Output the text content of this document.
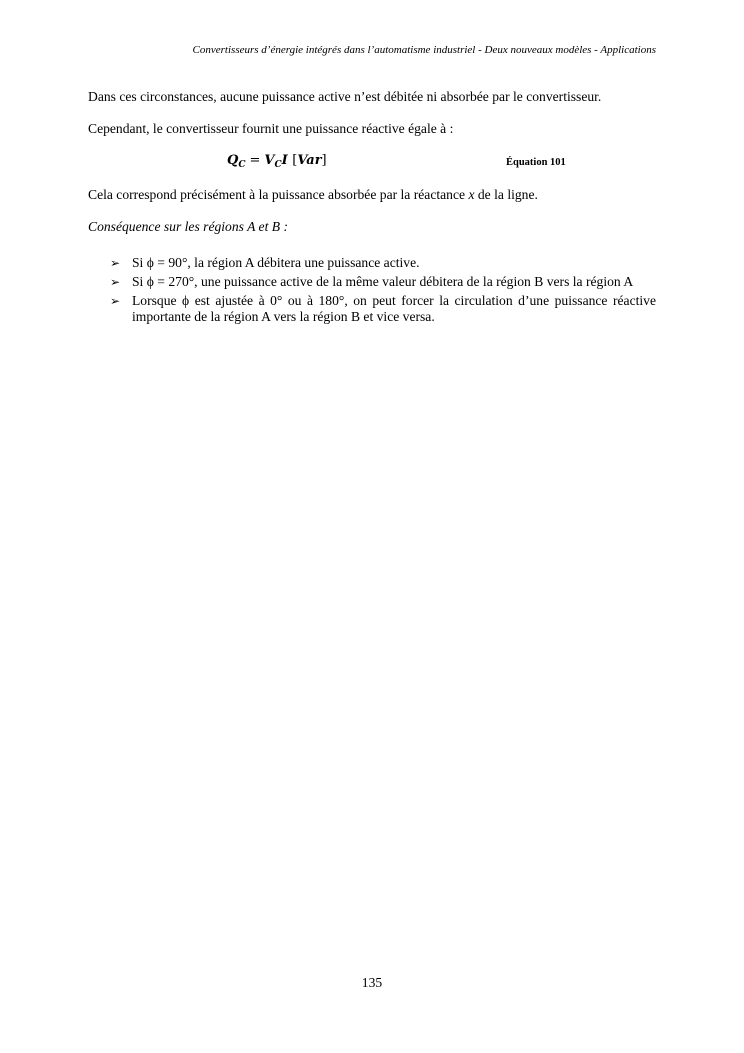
Convertisseurs d’énergie intégrés dans l’automatisme industriel - Deux nouveaux modèles - Applications

Dans ces circonstances, aucune puissance active n’est débitée ni absorbée par le convertisseur.

Cependant, le convertisseur fournit une puissance réactive égale à :

$Q_C = V_CI$ [Var]	Équation 101

Cela correspond précisément à la puissance absorbée par la réactance x de la ligne.

Conséquence sur les régions A et B :

➢ Si ϕ = 90°, la région A débitera une puissance active.
➢ Si ϕ = 270°, une puissance active de la même valeur débitera de la région B vers la région A
➢ Lorsque ϕ est ajustée à 0° ou à 180°, on peut forcer la circulation d’une puissance réactive importante de la région A vers la région B et vice versa.
135
